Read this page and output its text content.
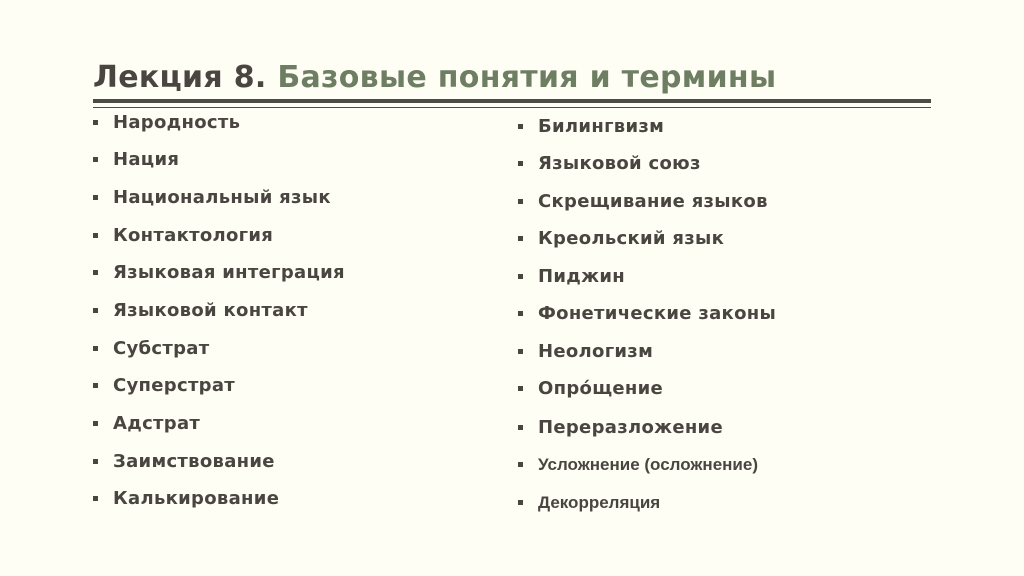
Лекция 8. Базовые понятия и термины
Народность
Нация
Национальный язык
Контактология
Языковая интеграция
Языковой контакт
Субстрат
Суперстрат
Адстрат
Заимствование
Калькирование
Билингвизм
Языковой союз
Скрещивание языков
Креольский язык
Пиджин
Фонетические законы
Неологизм
Опро́щение
Переразложение
Усложнение (осложнение)
Декорреляция
